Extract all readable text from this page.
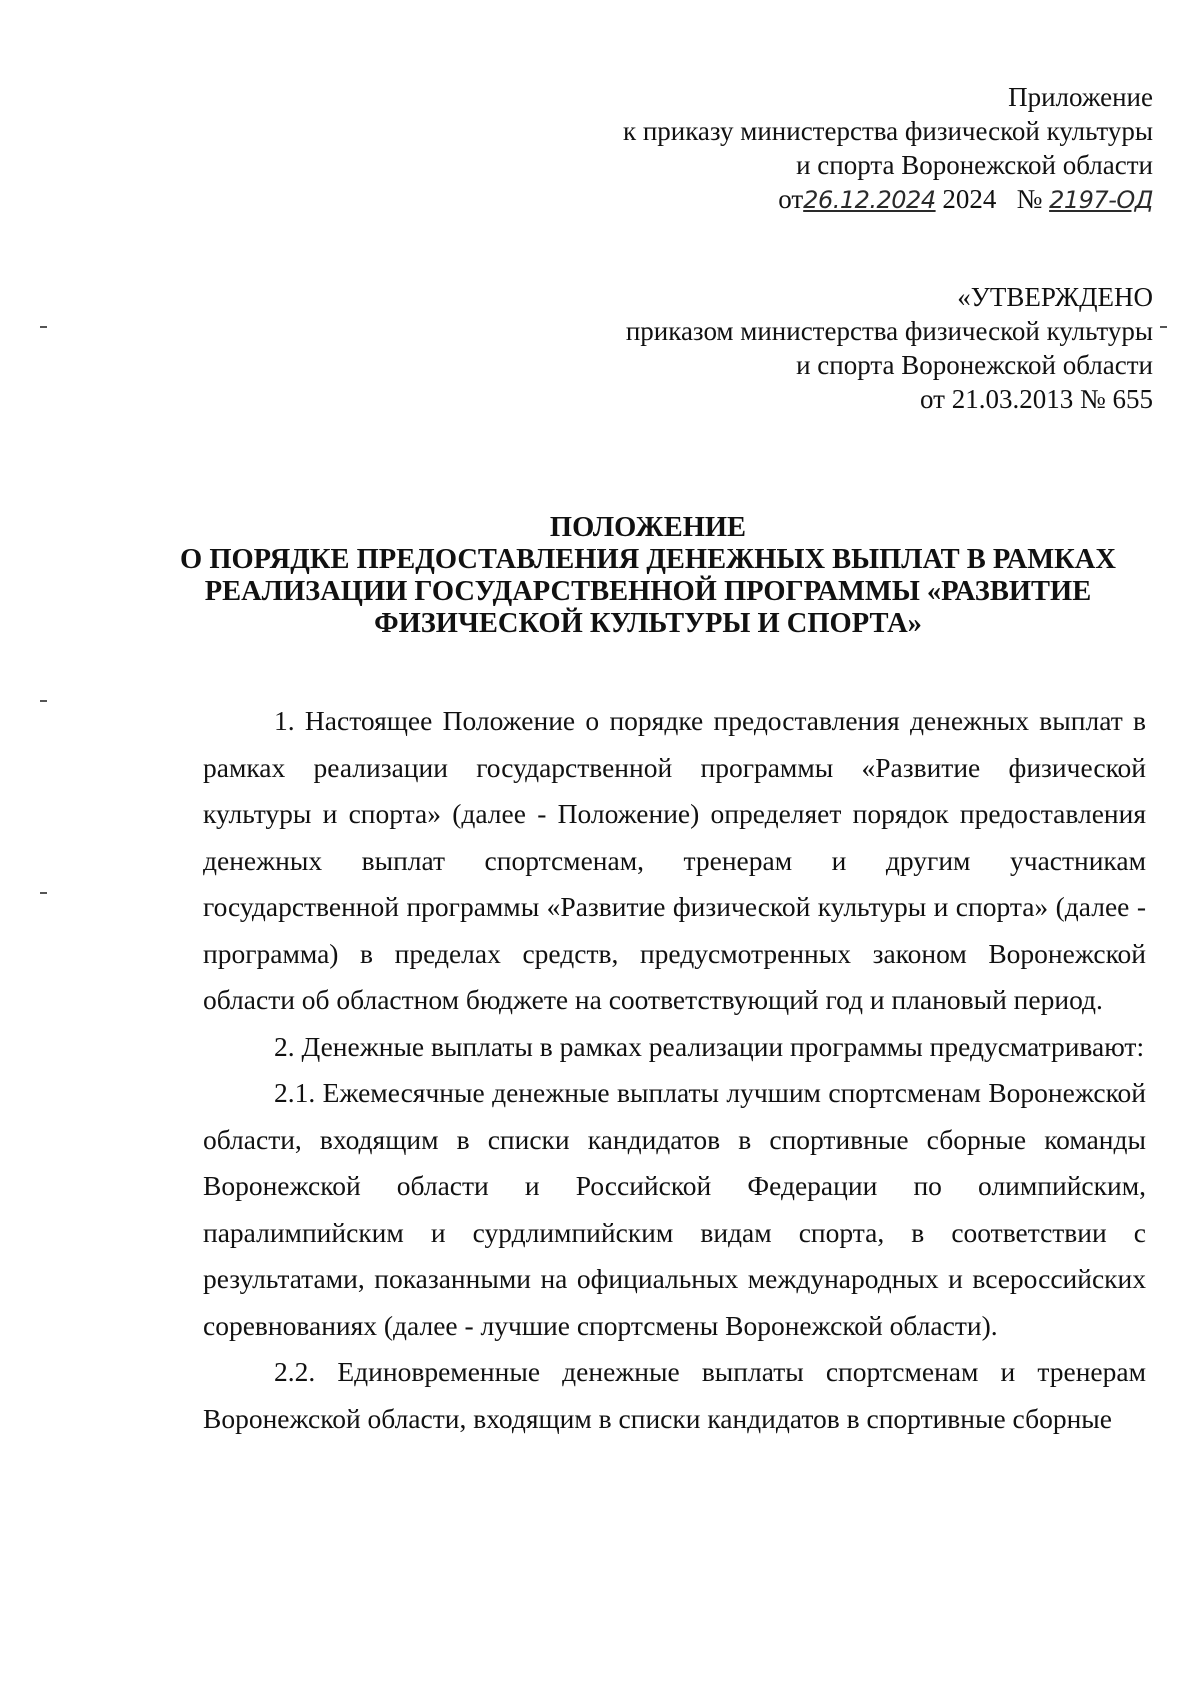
Приложение
к приказу министерства физической культуры
и спорта Воронежской области
от26.12.2024 2024 № 2197-ОД
«УТВЕРЖДЕНО
приказом министерства физической культуры
и спорта Воронежской области
от 21.03.2013 № 655
ПОЛОЖЕНИЕ
О ПОРЯДКЕ ПРЕДОСТАВЛЕНИЯ ДЕНЕЖНЫХ ВЫПЛАТ В РАМКАХ
РЕАЛИЗАЦИИ ГОСУДАРСТВЕННОЙ ПРОГРАММЫ «РАЗВИТИЕ
ФИЗИЧЕСКОЙ КУЛЬТУРЫ И СПОРТА»

1. Настоящее Положение о порядке предоставления денежных выплат в рамках реализации государственной программы «Развитие физической культуры и спорта» (далее - Положение) определяет порядок предоставления денежных выплат спортсменам, тренерам и другим участникам государственной программы «Развитие физической культуры и спорта» (далее - программа) в пределах средств, предусмотренных законом Воронежской области об областном бюджете на соответствующий год и плановый период.

2. Денежные выплаты в рамках реализации программы предусматривают:

2.1. Ежемесячные денежные выплаты лучшим спортсменам Воронежской области, входящим в списки кандидатов в спортивные сборные команды Воронежской области и Российской Федерации по олимпийским, паралимпийским и сурдлимпийским видам спорта, в соответствии с результатами, показанными на официальных международных и всероссийских соревнованиях (далее - лучшие спортсмены Воронежской области).

2.2. Единовременные денежные выплаты спортсменам и тренерам Воронежской области, входящим в списки кандидатов в спортивные сборные
